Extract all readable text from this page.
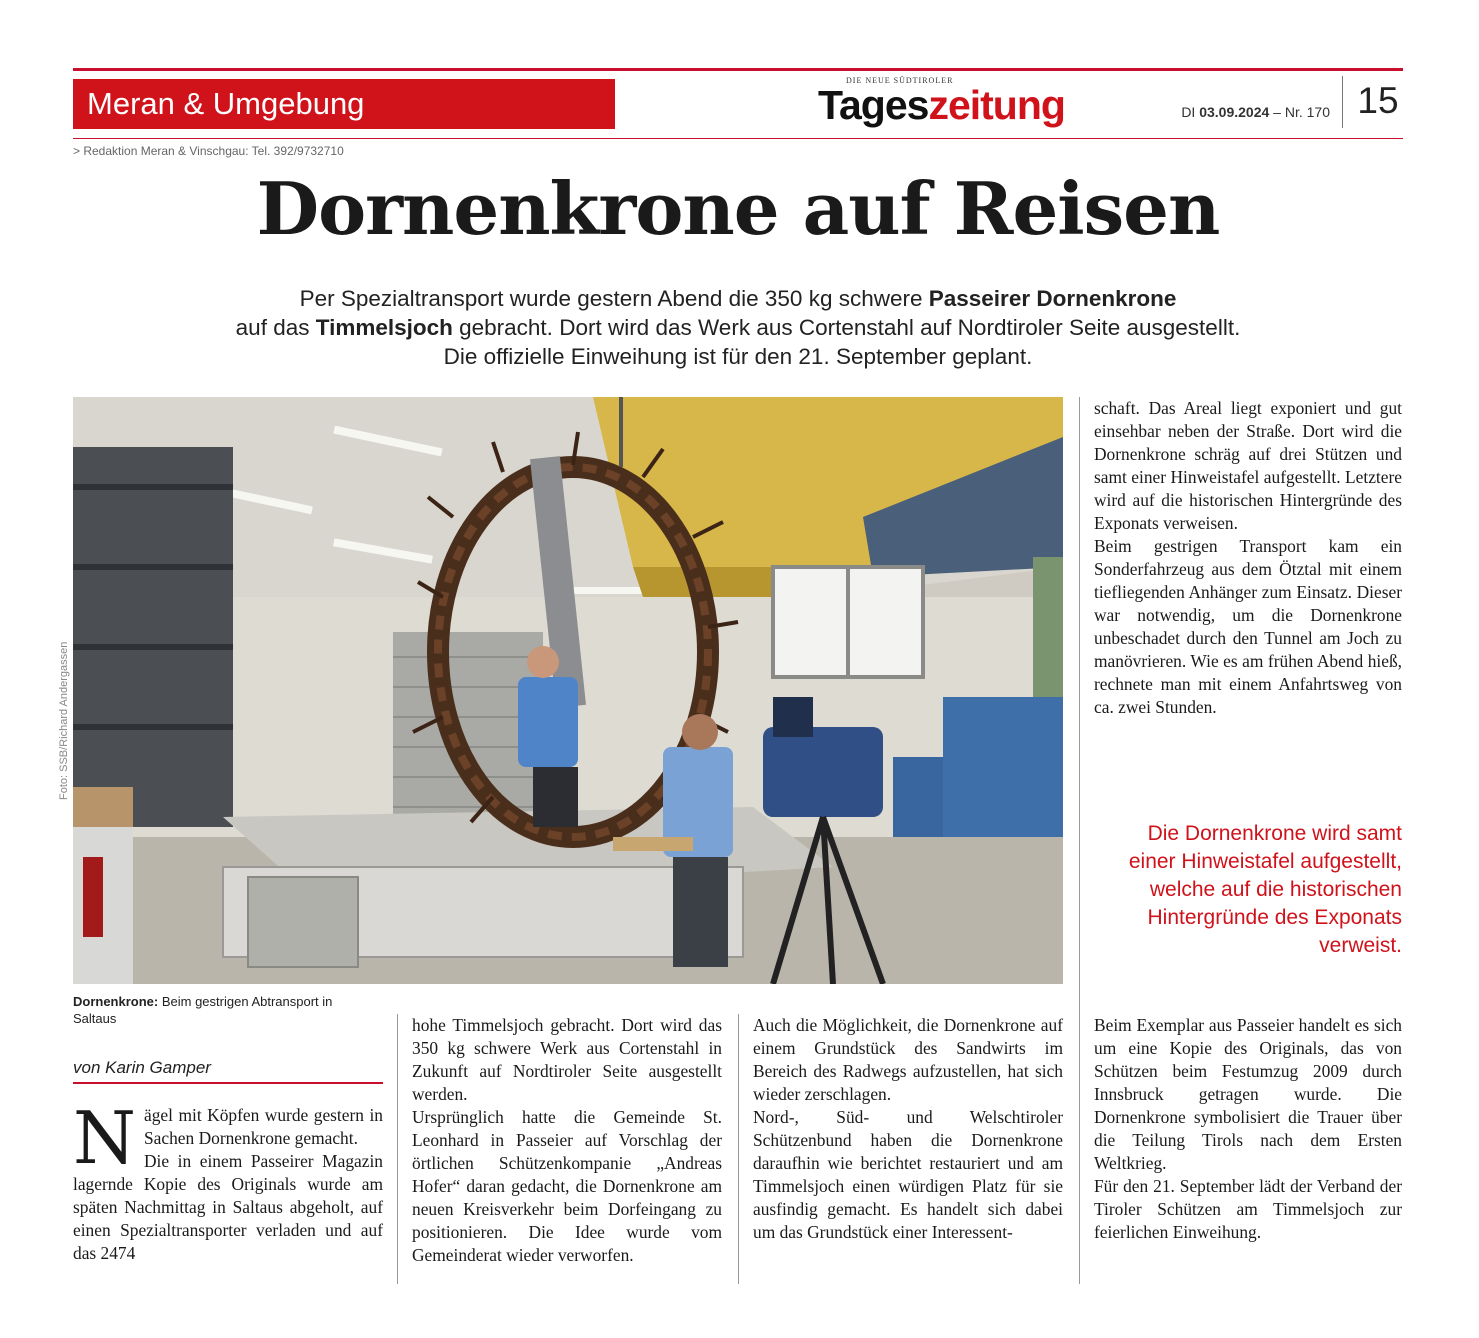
Meran & Umgebung
DIE NEUE SÜDTIROLER
Tageszeitung	DI 03.09.2024 – Nr. 170 15
> Redaktion Meran & Vinschgau: Tel. 392/9732710
Dornenkrone auf Reisen
Per Spezialtransport wurde gestern Abend die 350 kg schwere Passeirer Dornenkrone
auf das Timmelsjoch gebracht. Dort wird das Werk aus Cortenstahl auf Nordtiroler Seite ausgestellt.
Die offizielle Einweihung ist für den 21. September geplant.
Foto: SSB/Richard Andergassen
Dornenkrone: Beim gestrigen Abtransport in Saltaus
von Karin Gamper

Nägel mit Köpfen wurde gestern in Sachen Dornenkrone gemacht.

Die in einem Passeirer Magazin lagernde Kopie des Originals wurde am späten Nachmittag in Saltaus abgeholt, auf einen Spezialtransporter verladen und auf das 2474

hohe Timmelsjoch gebracht. Dort wird das 350 kg schwere Werk aus Cortenstahl in Zukunft auf Nordtiroler Seite ausgestellt werden.

Ursprünglich hatte die Gemeinde St. Leonhard in Passeier auf Vorschlag der örtlichen Schützenkompanie „Andreas Hofer“ daran gedacht, die Dornenkrone am neuen Kreisverkehr beim Dorfeingang zu positionieren. Die Idee wurde vom Gemeinderat wieder verworfen.

Auch die Möglichkeit, die Dornenkrone auf einem Grundstück des Sandwirts im Bereich des Radwegs aufzustellen, hat sich wieder zerschlagen.

Nord-, Süd- und Welschtiroler Schützenbund haben die Dornenkrone daraufhin wie berichtet restauriert und am Timmelsjoch einen würdigen Platz für sie ausfindig gemacht. Es handelt sich dabei um das Grundstück einer Interessent-

schaft. Das Areal liegt exponiert und gut einsehbar neben der Straße. Dort wird die Dornenkrone schräg auf drei Stützen und samt einer Hinweistafel aufgestellt. Letztere wird auf die historischen Hintergründe des Exponats verweisen.

Beim gestrigen Transport kam ein Sonderfahrzeug aus dem Ötztal mit einem tiefliegenden Anhänger zum Einsatz. Dieser war notwendig, um die Dornenkrone unbeschadet durch den Tunnel am Joch zu manövrieren. Wie es am frühen Abend hieß, rechnete man mit einem Anfahrtsweg von ca. zwei Stunden.

Die Dornenkrone wird samt
einer Hinweistafel aufgestellt,
welche auf die historischen
Hintergründe des Exponats
verweist.

Beim Exemplar aus Passeier handelt es sich um eine Kopie des Originals, das von Schützen beim Festumzug 2009 durch Innsbruck getragen wurde. Die Dornenkrone symbolisiert die Trauer über die Teilung Tirols nach dem Ersten Weltkrieg.

Für den 21. September lädt der Verband der Tiroler Schützen am Timmelsjoch zur feierlichen Einweihung.
